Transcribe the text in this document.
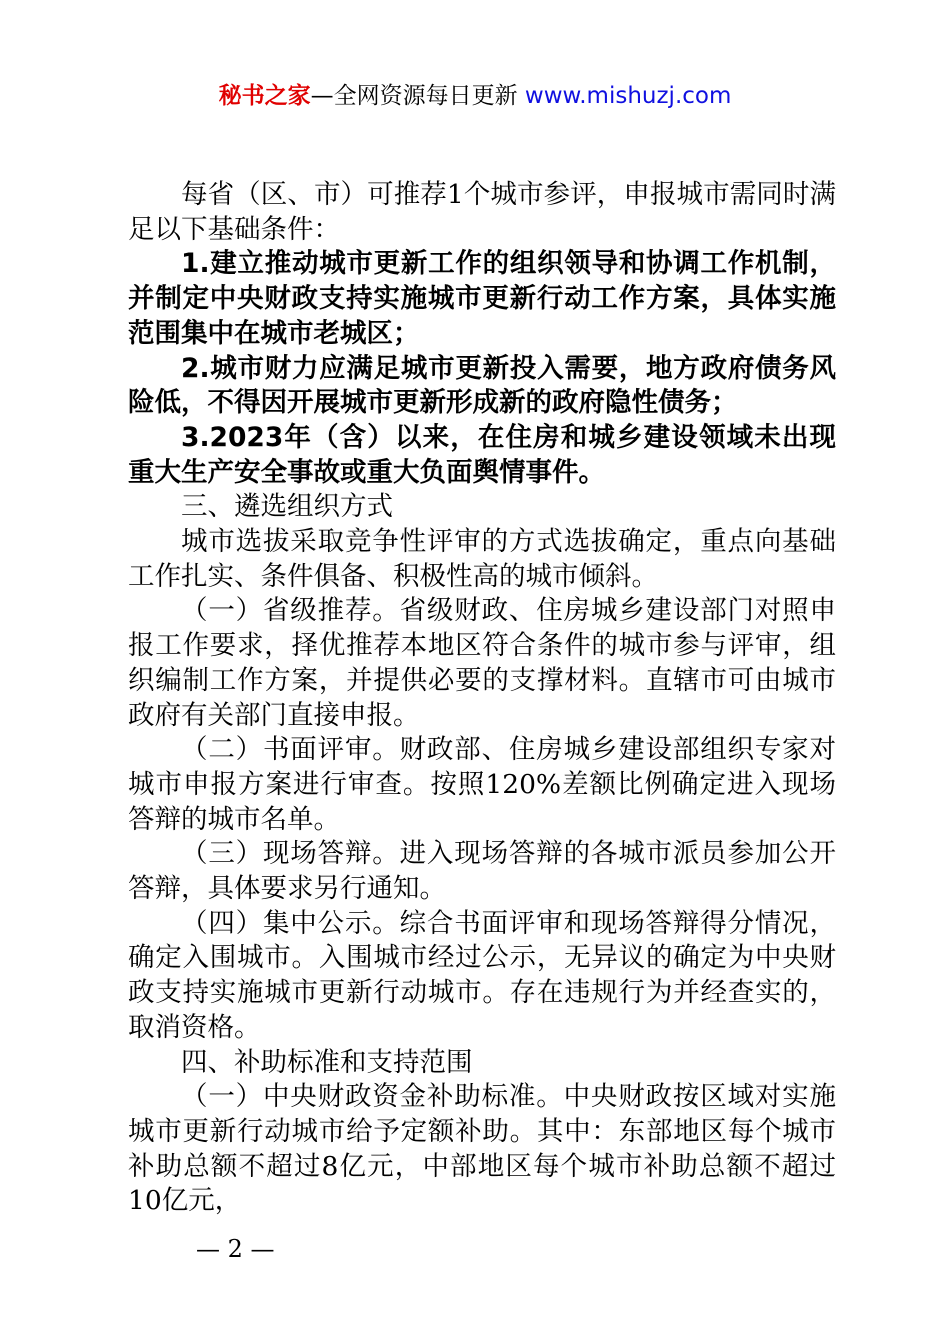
秘书之家—全网资源每日更新 www.mishuzj.com

每省（区、市）可推荐1个城市参评，申报城市需同时满足以下基础条件：

1.建立推动城市更新工作的组织领导和协调工作机制，并制定中央财政支持实施城市更新行动工作方案，具体实施范围集中在城市老城区；

2.城市财力应满足城市更新投入需要，地方政府债务风险低，不得因开展城市更新形成新的政府隐性债务；

3.2023年（含）以来，在住房和城乡建设领域未出现重大生产安全事故或重大负面舆情事件。

三、遴选组织方式

城市选拔采取竞争性评审的方式选拔确定，重点向基础工作扎实、条件俱备、积极性高的城市倾斜。

（一）省级推荐。省级财政、住房城乡建设部门对照申报工作要求，择优推荐本地区符合条件的城市参与评审，组织编制工作方案，并提供必要的支撑材料。直辖市可由城市政府有关部门直接申报。

（二）书面评审。财政部、住房城乡建设部组织专家对城市申报方案进行审查。按照120%差额比例确定进入现场答辩的城市名单。

（三）现场答辩。进入现场答辩的各城市派员参加公开答辩，具体要求另行通知。

（四）集中公示。综合书面评审和现场答辩得分情况，确定入围城市。入围城市经过公示，无异议的确定为中央财政支持实施城市更新行动城市。存在违规行为并经查实的，取消资格。

四、补助标准和支持范围

（一）中央财政资金补助标准。中央财政按区域对实施城市更新行动城市给予定额补助。其中：东部地区每个城市补助总额不超过8亿元，中部地区每个城市补助总额不超过10亿元，

— 2 —
